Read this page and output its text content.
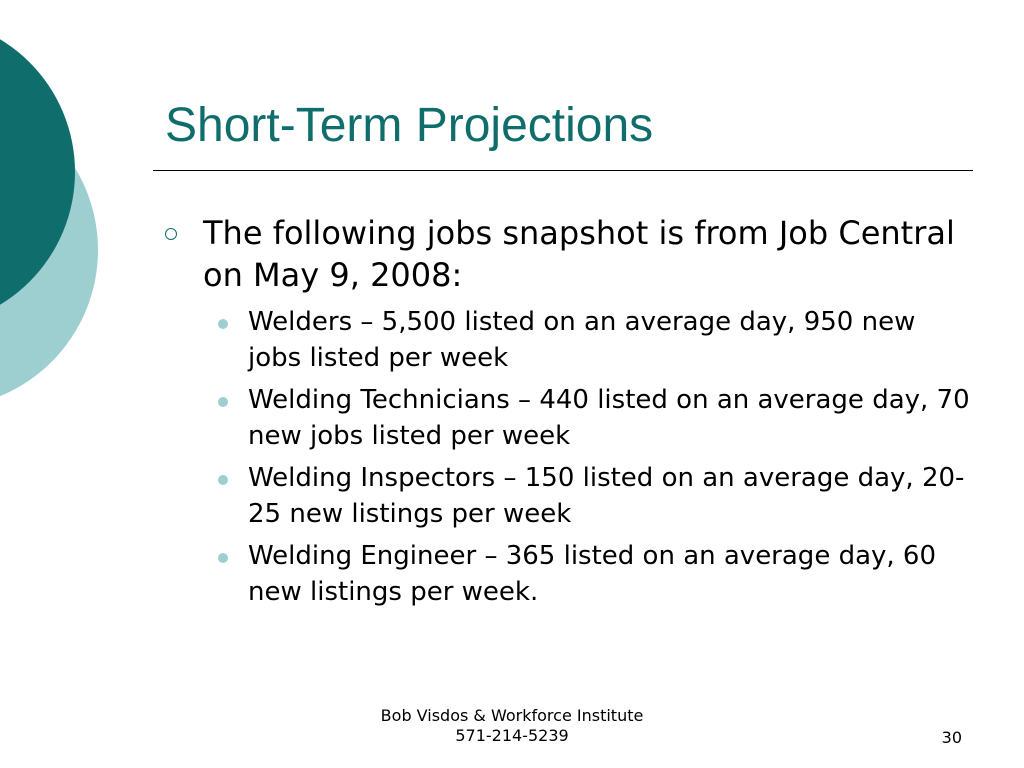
Short-Term Projections
The following jobs snapshot is from Job Central on May 9, 2008:
Welders – 5,500 listed on an average day, 950 new jobs listed per week
Welding Technicians – 440 listed on an average day, 70 new jobs listed per week
Welding Inspectors – 150 listed on an average day, 20-25 new listings per week
Welding Engineer – 365 listed on an average day, 60 new listings per week.
Bob Visdos & Workforce Institute
571-214-5239	30
